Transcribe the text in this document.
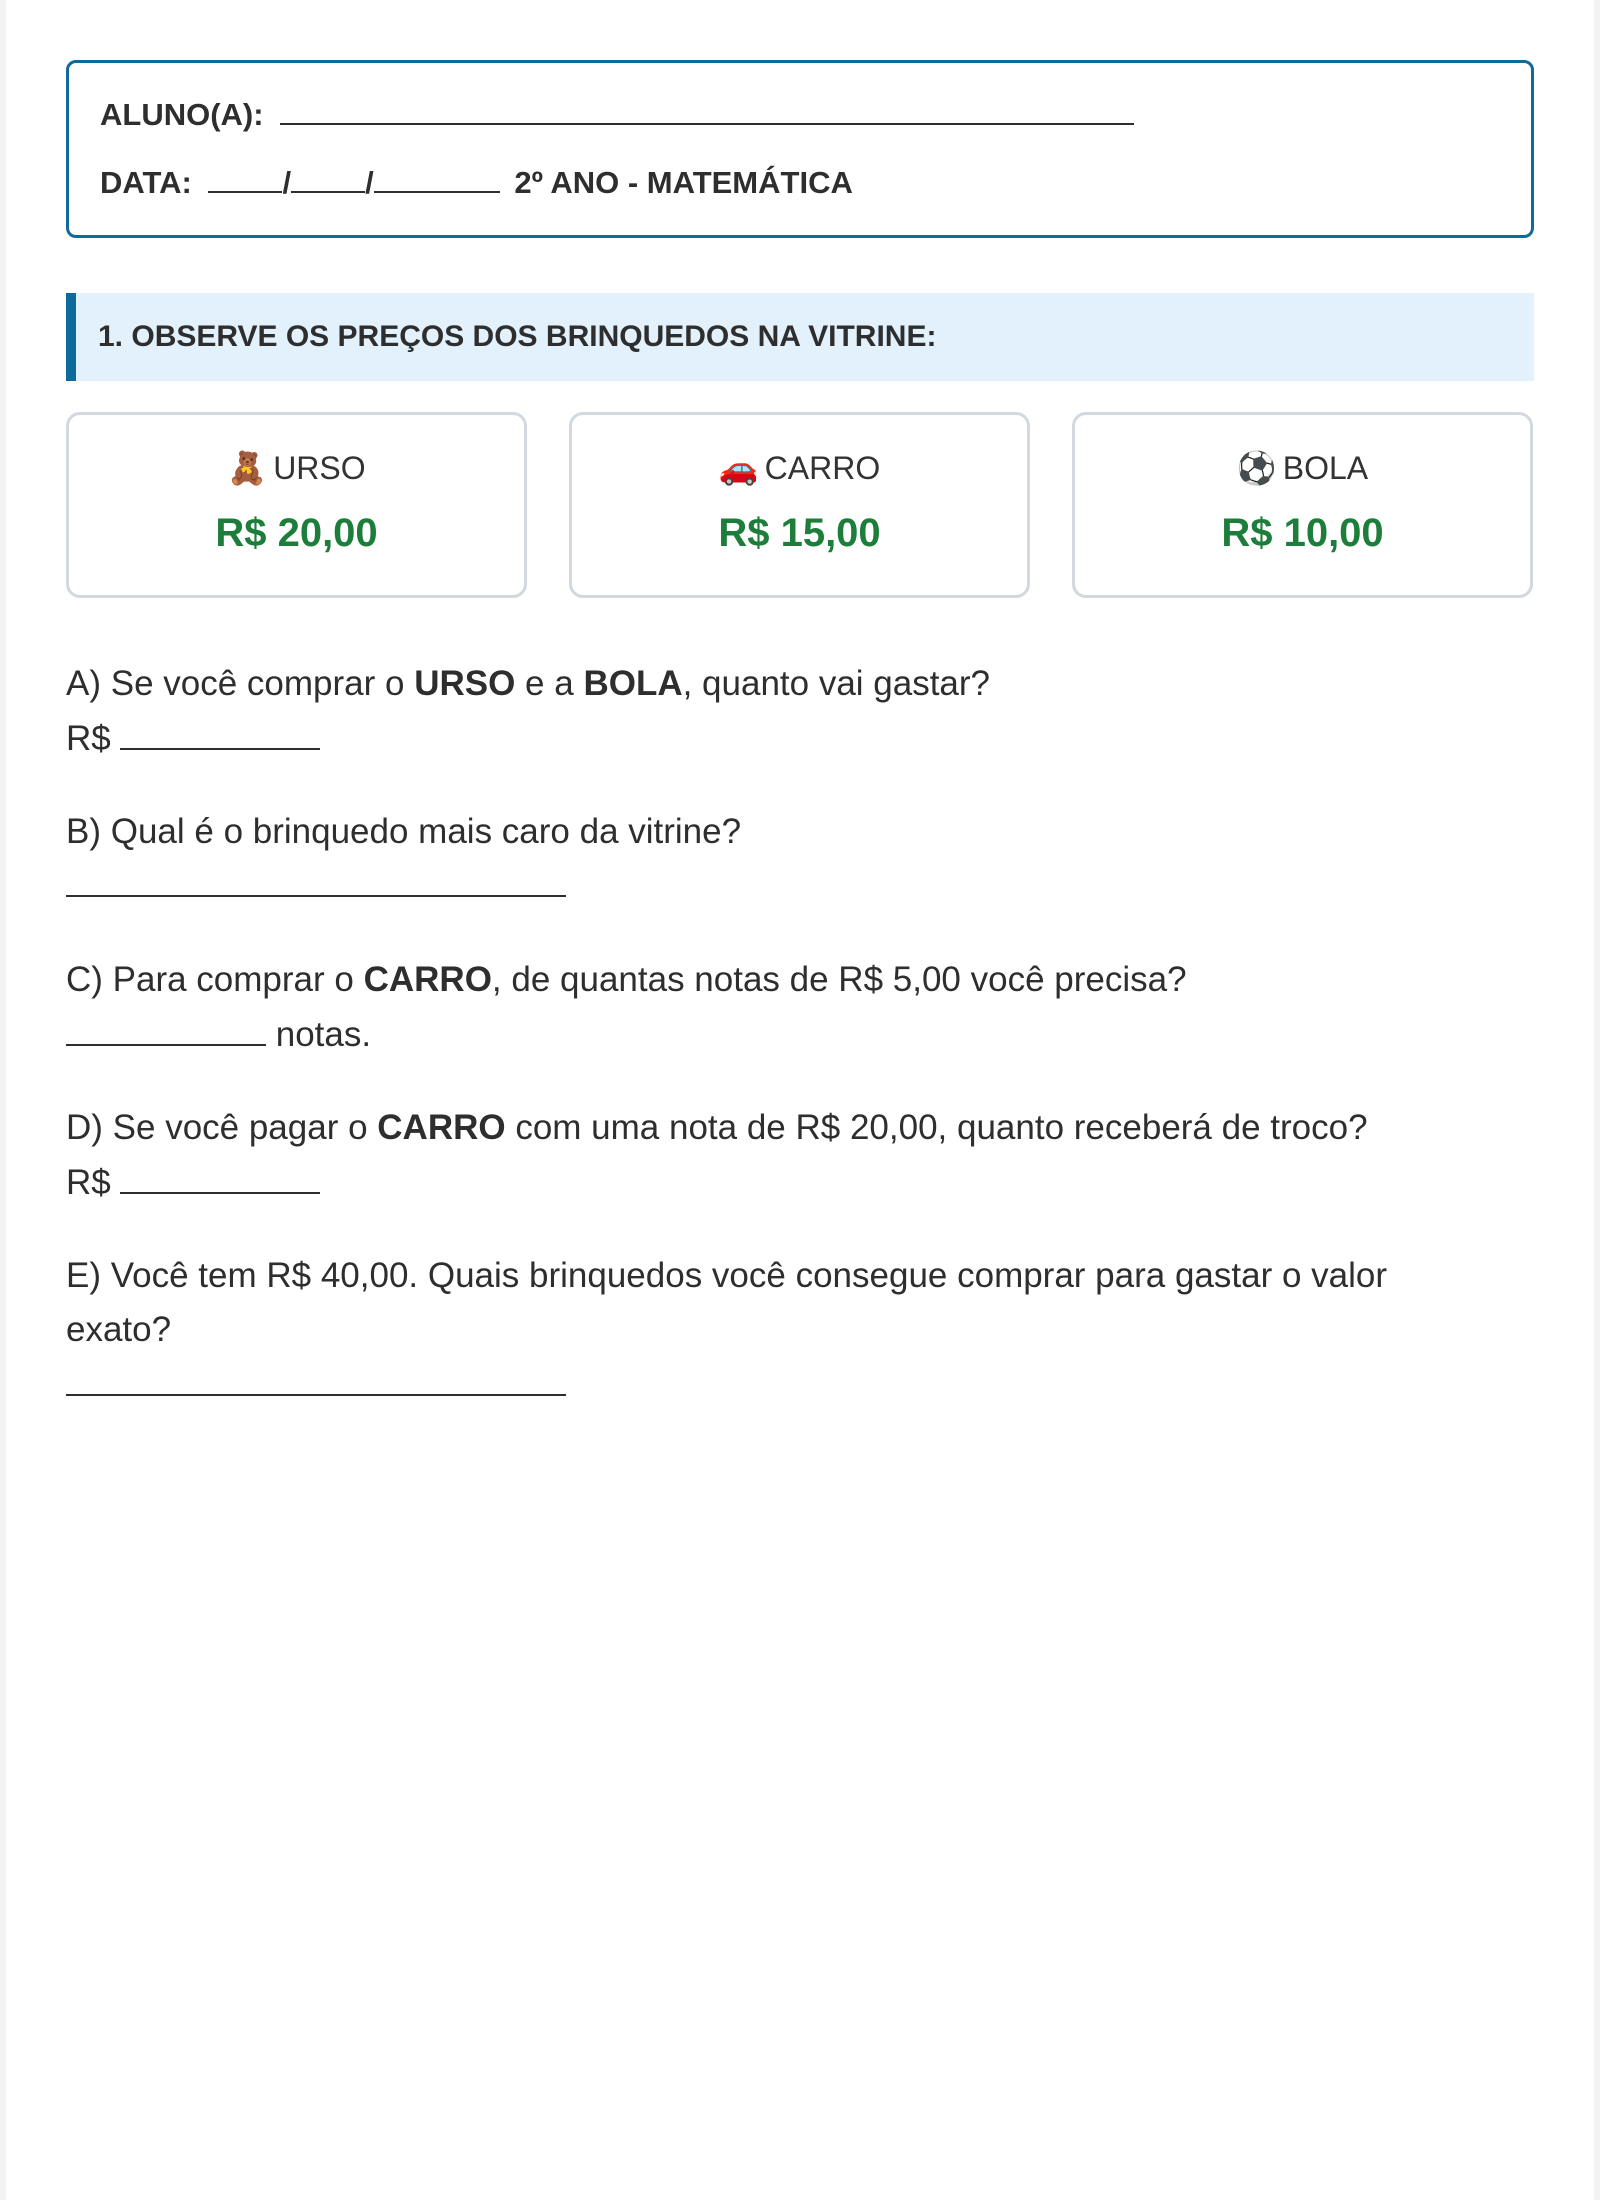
ALUNO(A):
DATA:	/ /	2º ANO - MATEMÁTICA
1. OBSERVE OS PREÇOS DOS BRINQUEDOS NA VITRINE:
🧸 URSO
R$ 20,00
🚗 CARRO
R$ 15,00
⚽ BOLA
R$ 10,00
A) Se você comprar o URSO e a BOLA, quanto vai gastar?
R$
B) Qual é o brinquedo mais caro da vitrine?
C) Para comprar o CARRO, de quantas notas de R$ 5,00 você precisa?
notas.
D) Se você pagar o CARRO com uma nota de R$ 20,00, quanto receberá de troco?
R$
E) Você tem R$ 40,00. Quais brinquedos você consegue comprar para gastar o valor
exato?
